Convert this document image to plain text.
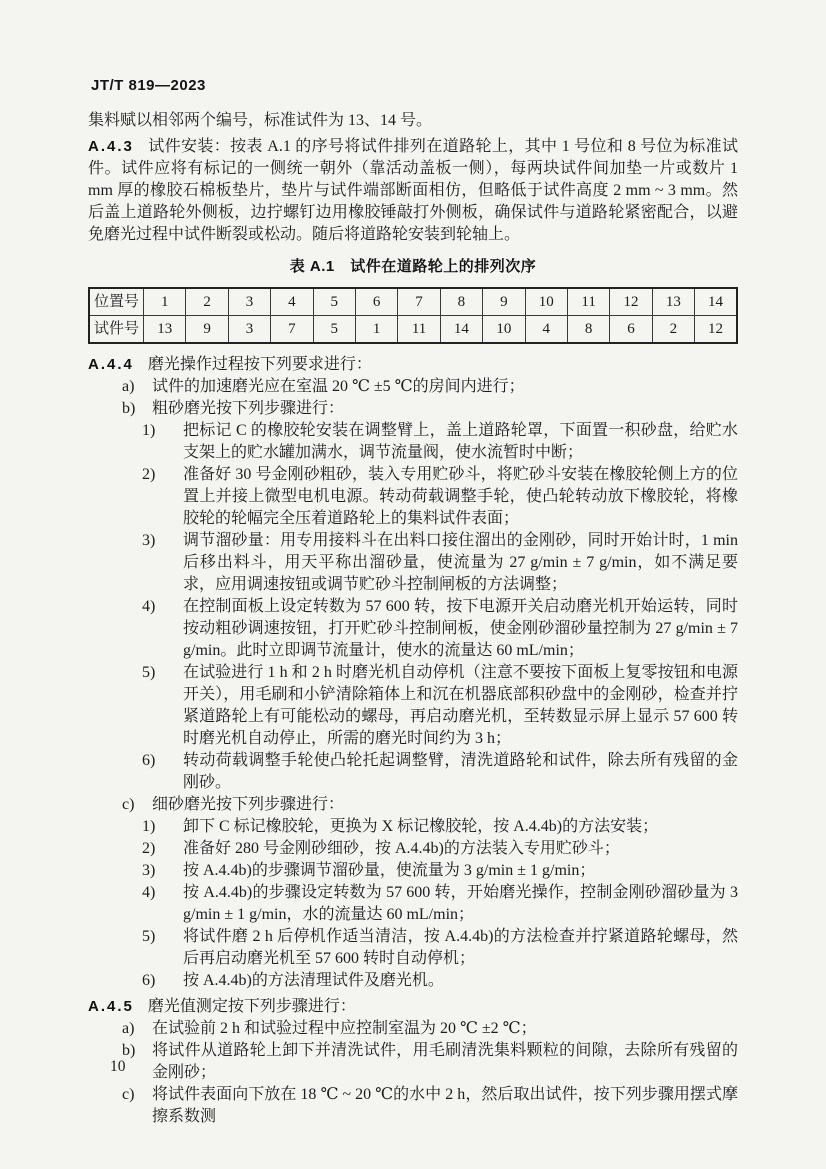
JT/T 819—2023

集料赋以相邻两个编号，标准试件为 13、14 号。

A.4.3 试件安装：按表 A.1 的序号将试件排列在道路轮上，其中 1 号位和 8 号位为标准试件。试件应将有标记的一侧统一朝外（靠活动盖板一侧），每两块试件间加垫一片或数片 1 mm 厚的橡胶石棉板垫片，垫片与试件端部断面相仿，但略低于试件高度 2 mm ~ 3 mm。然后盖上道路轮外侧板，边拧螺钉边用橡胶锤敲打外侧板，确保试件与道路轮紧密配合，以避免磨光过程中试件断裂或松动。随后将道路轮安装到轮轴上。

表 A.1　试件在道路轮上的排列次序

位置号	1	2	3	4	5	6	7	8	9	10	11	12	13	14
试件号	13	9	3	7	5	1	11	14	10	4	8	6	2	12

A.4.4 磨光操作过程按下列要求进行：

a)	试件的加速磨光应在室温 20 ℃ ±5 ℃的房间内进行；
b)	粗砂磨光按下列步骤进行：
1)	把标记 C 的橡胶轮安装在调整臂上，盖上道路轮罩，下面置一积砂盘，给贮水支架上的贮水罐加满水，调节流量阀，使水流暂时中断；
2)	准备好 30 号金刚砂粗砂，装入专用贮砂斗，将贮砂斗安装在橡胶轮侧上方的位置上并接上微型电机电源。转动荷载调整手轮，使凸轮转动放下橡胶轮，将橡胶轮的轮幅完全压着道路轮上的集料试件表面；
3)	调节溜砂量：用专用接料斗在出料口接住溜出的金刚砂，同时开始计时，1 min 后移出料斗，用天平称出溜砂量，使流量为 27 g/min ± 7 g/min，如不满足要求，应用调速按钮或调节贮砂斗控制闸板的方法调整；
4)	在控制面板上设定转数为 57 600 转，按下电源开关启动磨光机开始运转，同时按动粗砂调速按钮，打开贮砂斗控制闸板，使金刚砂溜砂量控制为 27 g/min ± 7 g/min。此时立即调节流量计，使水的流量达 60 mL/min；
5)	在试验进行 1 h 和 2 h 时磨光机自动停机（注意不要按下面板上复零按钮和电源开关），用毛刷和小铲清除箱体上和沉在机器底部积砂盘中的金刚砂，检查并拧紧道路轮上有可能松动的螺母，再启动磨光机，至转数显示屏上显示 57 600 转时磨光机自动停止，所需的磨光时间约为 3 h；
6)	转动荷载调整手轮使凸轮托起调整臂，清洗道路轮和试件，除去所有残留的金刚砂。
c)	细砂磨光按下列步骤进行：
1)	卸下 C 标记橡胶轮，更换为 X 标记橡胶轮，按 A.4.4b)的方法安装；
2)	准备好 280 号金刚砂细砂，按 A.4.4b)的方法装入专用贮砂斗；
3)	按 A.4.4b)的步骤调节溜砂量，使流量为 3 g/min ± 1 g/min；
4)	按 A.4.4b)的步骤设定转数为 57 600 转，开始磨光操作，控制金刚砂溜砂量为 3 g/min ± 1 g/min，水的流量达 60 mL/min；
5)	将试件磨 2 h 后停机作适当清洁，按 A.4.4b)的方法检查并拧紧道路轮螺母，然后再启动磨光机至 57 600 转时自动停机；
6)	按 A.4.4b)的方法清理试件及磨光机。

A.4.5 磨光值测定按下列步骤进行：

a)	在试验前 2 h 和试验过程中应控制室温为 20 ℃ ±2 ℃；
b)	将试件从道路轮上卸下并清洗试件，用毛刷清洗集料颗粒的间隙，去除所有残留的金刚砂；
c)	将试件表面向下放在 18 ℃ ~ 20 ℃的水中 2 h，然后取出试件，按下列步骤用摆式摩擦系数测
10
